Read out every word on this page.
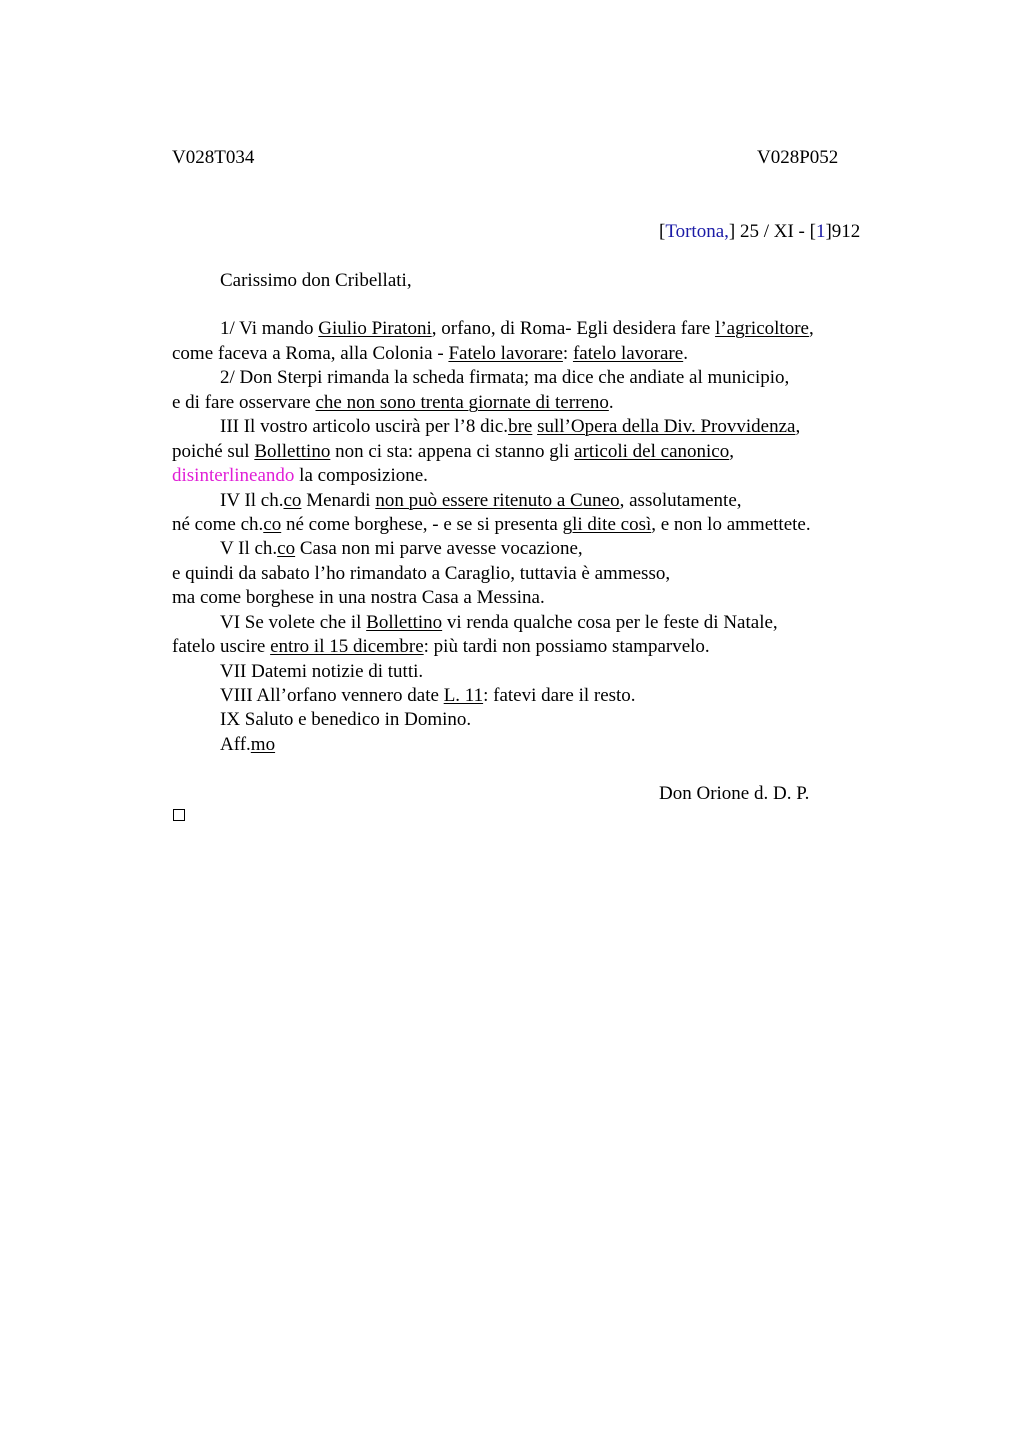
V028T034	V028P052
[Tortona,] 25 / XI - [1]912
Carissimo don Cribellati,
1/ Vi mando Giulio Piratoni, orfano, di Roma- Egli desidera fare l’agricoltore,
come faceva a Roma, alla Colonia - Fatelo lavorare: fatelo lavorare.
2/ Don Sterpi rimanda la scheda firmata; ma dice che andiate al municipio,
e di fare osservare che non sono trenta giornate di terreno.
III Il vostro articolo uscirà per l’8 dic.bre sull’Opera della Div. Provvidenza,
poiché sul Bollettino non ci sta: appena ci stanno gli articoli del canonico,
disinterlineando la composizione.
IV Il ch.co Menardi non può essere ritenuto a Cuneo, assolutamente,
né come ch.co né come borghese, - e se si presenta gli dite così, e non lo ammettete.
V Il ch.co Casa non mi parve avesse vocazione,
e quindi da sabato l’ho rimandato a Caraglio, tuttavia è ammesso,
ma come borghese in una nostra Casa a Messina.
VI Se volete che il Bollettino vi renda qualche cosa per le feste di Natale,
fatelo uscire entro il 15 dicembre: più tardi non possiamo stamparvelo.
VII Datemi notizie di tutti.
VIII All’orfano vennero date L. 11: fatevi dare il resto.
IX Saluto e benedico in Domino.
Aff.mo
Don Orione d. D. P.
